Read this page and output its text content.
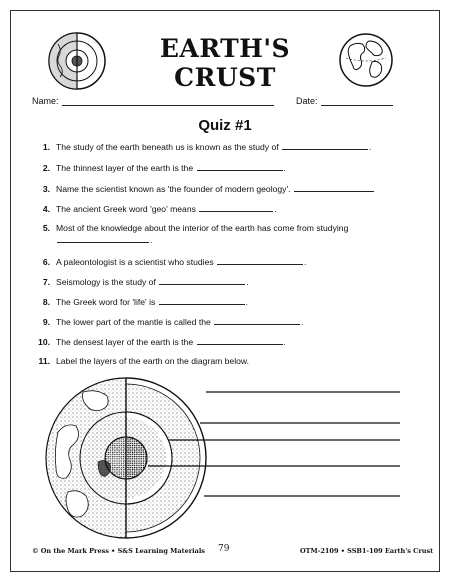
EARTH'S CRUST
Name:	Date:
Quiz #1
1. The study of the earth beneath us is known as the study of	.
2. The thinnest layer of the earth is the	.
3. Name the scientist known as 'the founder of modern geology'.
4. The ancient Greek word 'geo' means	.
5. Most of the knowledge about the interior of the earth has come from studying
.
6. A paleontologist is a scientist who studies	.
7. Seismology is the study of	.
8. The Greek word for 'life' is	.
9. The lower part of the mantle is called the	.
10. The densest layer of the earth is the	.
11. Label the layers of the earth on the diagram below.
© On the Mark Press • S&S Learning Materials 79	OTM-2109 • SSB1-109 Earth's Crust
